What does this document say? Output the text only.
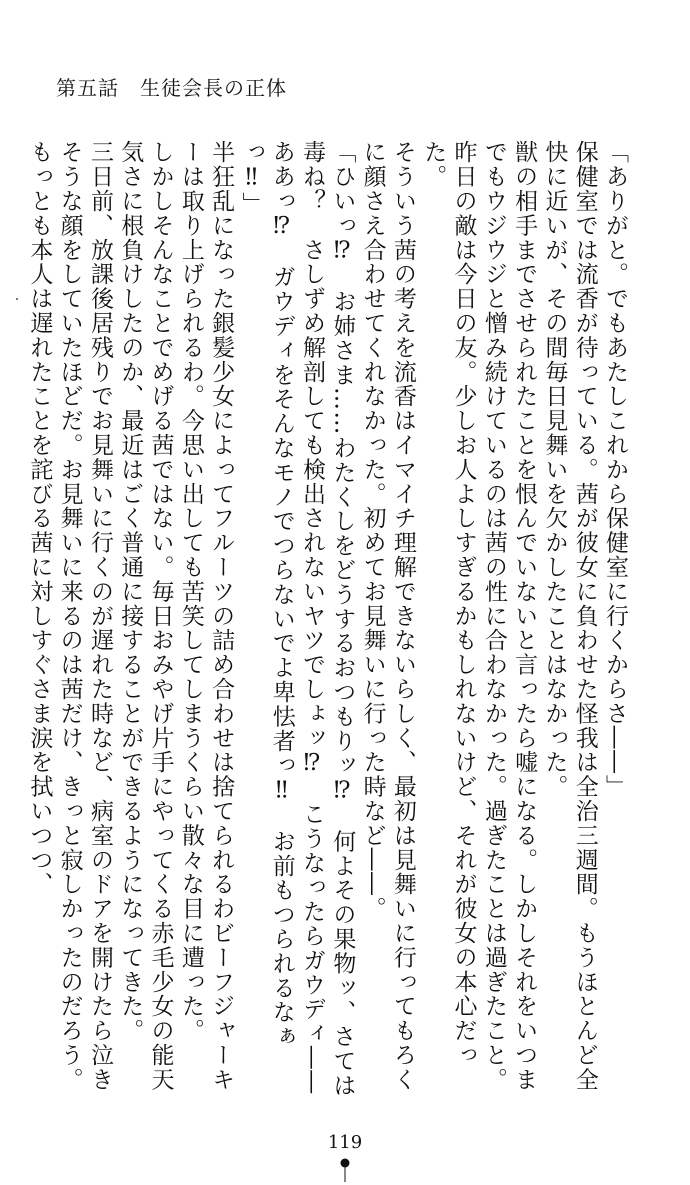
第五話　生徒会長の正体

「ありがと。でもあたしこれから保健室に行くからさ――」

保健室では流香が待っている。茜が彼女に負わせた怪我は全治三週間。もうほとんど全快に近いが、その間毎日見舞いを欠かしたことはなかった。

獣の相手までさせられたことを恨んでいないと言ったら嘘になる。しかしそれをいつまでもウジウジと憎み続けているのは茜の性に合わなかった。過ぎたことは過ぎたこと。昨日の敵は今日の友。少しお人よしすぎるかもしれないけど、それが彼女の本心だった。

そういう茜の考えを流香はイマイチ理解できないらしく、最初は見舞いに行ってもろくに顔さえ合わせてくれなかった。初めてお見舞いに行った時など――。

「ひいっ⁉　お姉さま……わたくしをどうするおつもりッ⁉　何よその果物ッ、さては毒ね？　さしずめ解剖しても検出されないヤツでしょッ⁉　こうなったらガウディ――ああっ⁉　ガウディをそんなモノでつらないでよ卑怯者っ‼　お前もつられるなぁっ‼」

半狂乱になった銀髪少女によってフルーツの詰め合わせは捨てられるわビーフジャーキーは取り上げられるわ。今思い出しても苦笑してしまうくらい散々な目に遭った。

しかしそんなことでめげる茜ではない。毎日おみやげ片手にやってくる赤毛少女の能天気さに根負けしたのか、最近はごく普通に接することができるようになってきた。

三日前、放課後居残りでお見舞いに行くのが遅れた時など、病室のドアを開けたら泣きそうな顔をしていたほどだ。お見舞いに来るのは茜だけ、きっと寂しかったのだろう。もっとも本人は遅れたことを詫びる茜に対しすぐさま涙を拭いつつ、

119
